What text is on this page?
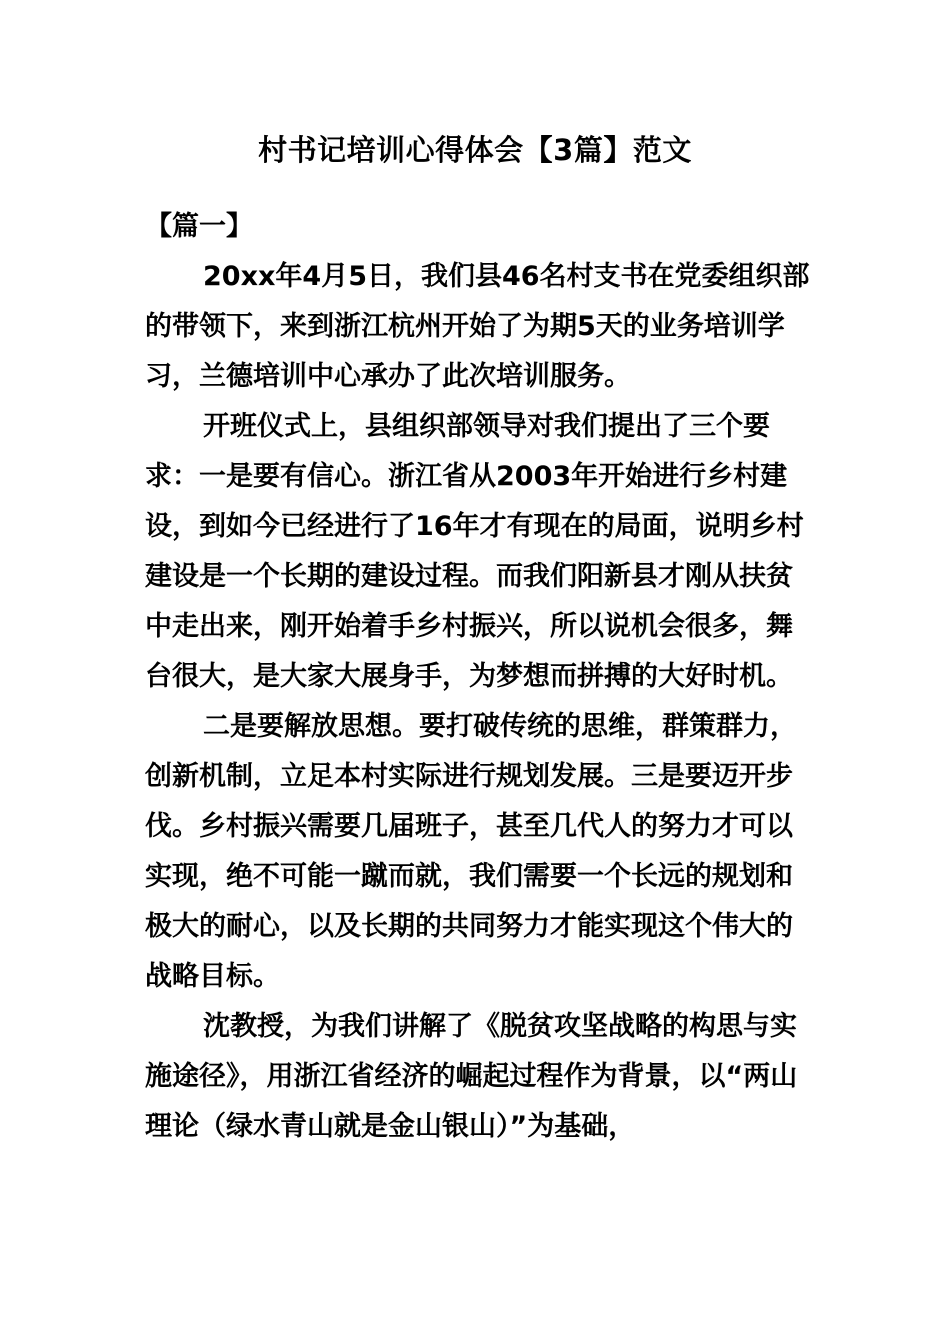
村书记培训心得体会【3篇】范文

【篇一】

20xx年4月5日，我们县46名村支书在党委组织部的带领下，来到浙江杭州开始了为期5天的业务培训学习，兰德培训中心承办了此次培训服务。

开班仪式上，县组织部领导对我们提出了三个要求：一是要有信心。浙江省从2003年开始进行乡村建设，到如今已经进行了16年才有现在的局面，说明乡村建设是一个长期的建设过程。而我们阳新县才刚从扶贫中走出来，刚开始着手乡村振兴，所以说机会很多，舞台很大，是大家大展身手，为梦想而拼搏的大好时机。

二是要解放思想。要打破传统的思维，群策群力，创新机制，立足本村实际进行规划发展。三是要迈开步伐。乡村振兴需要几届班子，甚至几代人的努力才可以实现，绝不可能一蹴而就，我们需要一个长远的规划和极大的耐心，以及长期的共同努力才能实现这个伟大的战略目标。

沈教授，为我们讲解了《脱贫攻坚战略的构思与实施途径》，用浙江省经济的崛起过程作为背景，以“两山理论（绿水青山就是金山银山）”为基础，
